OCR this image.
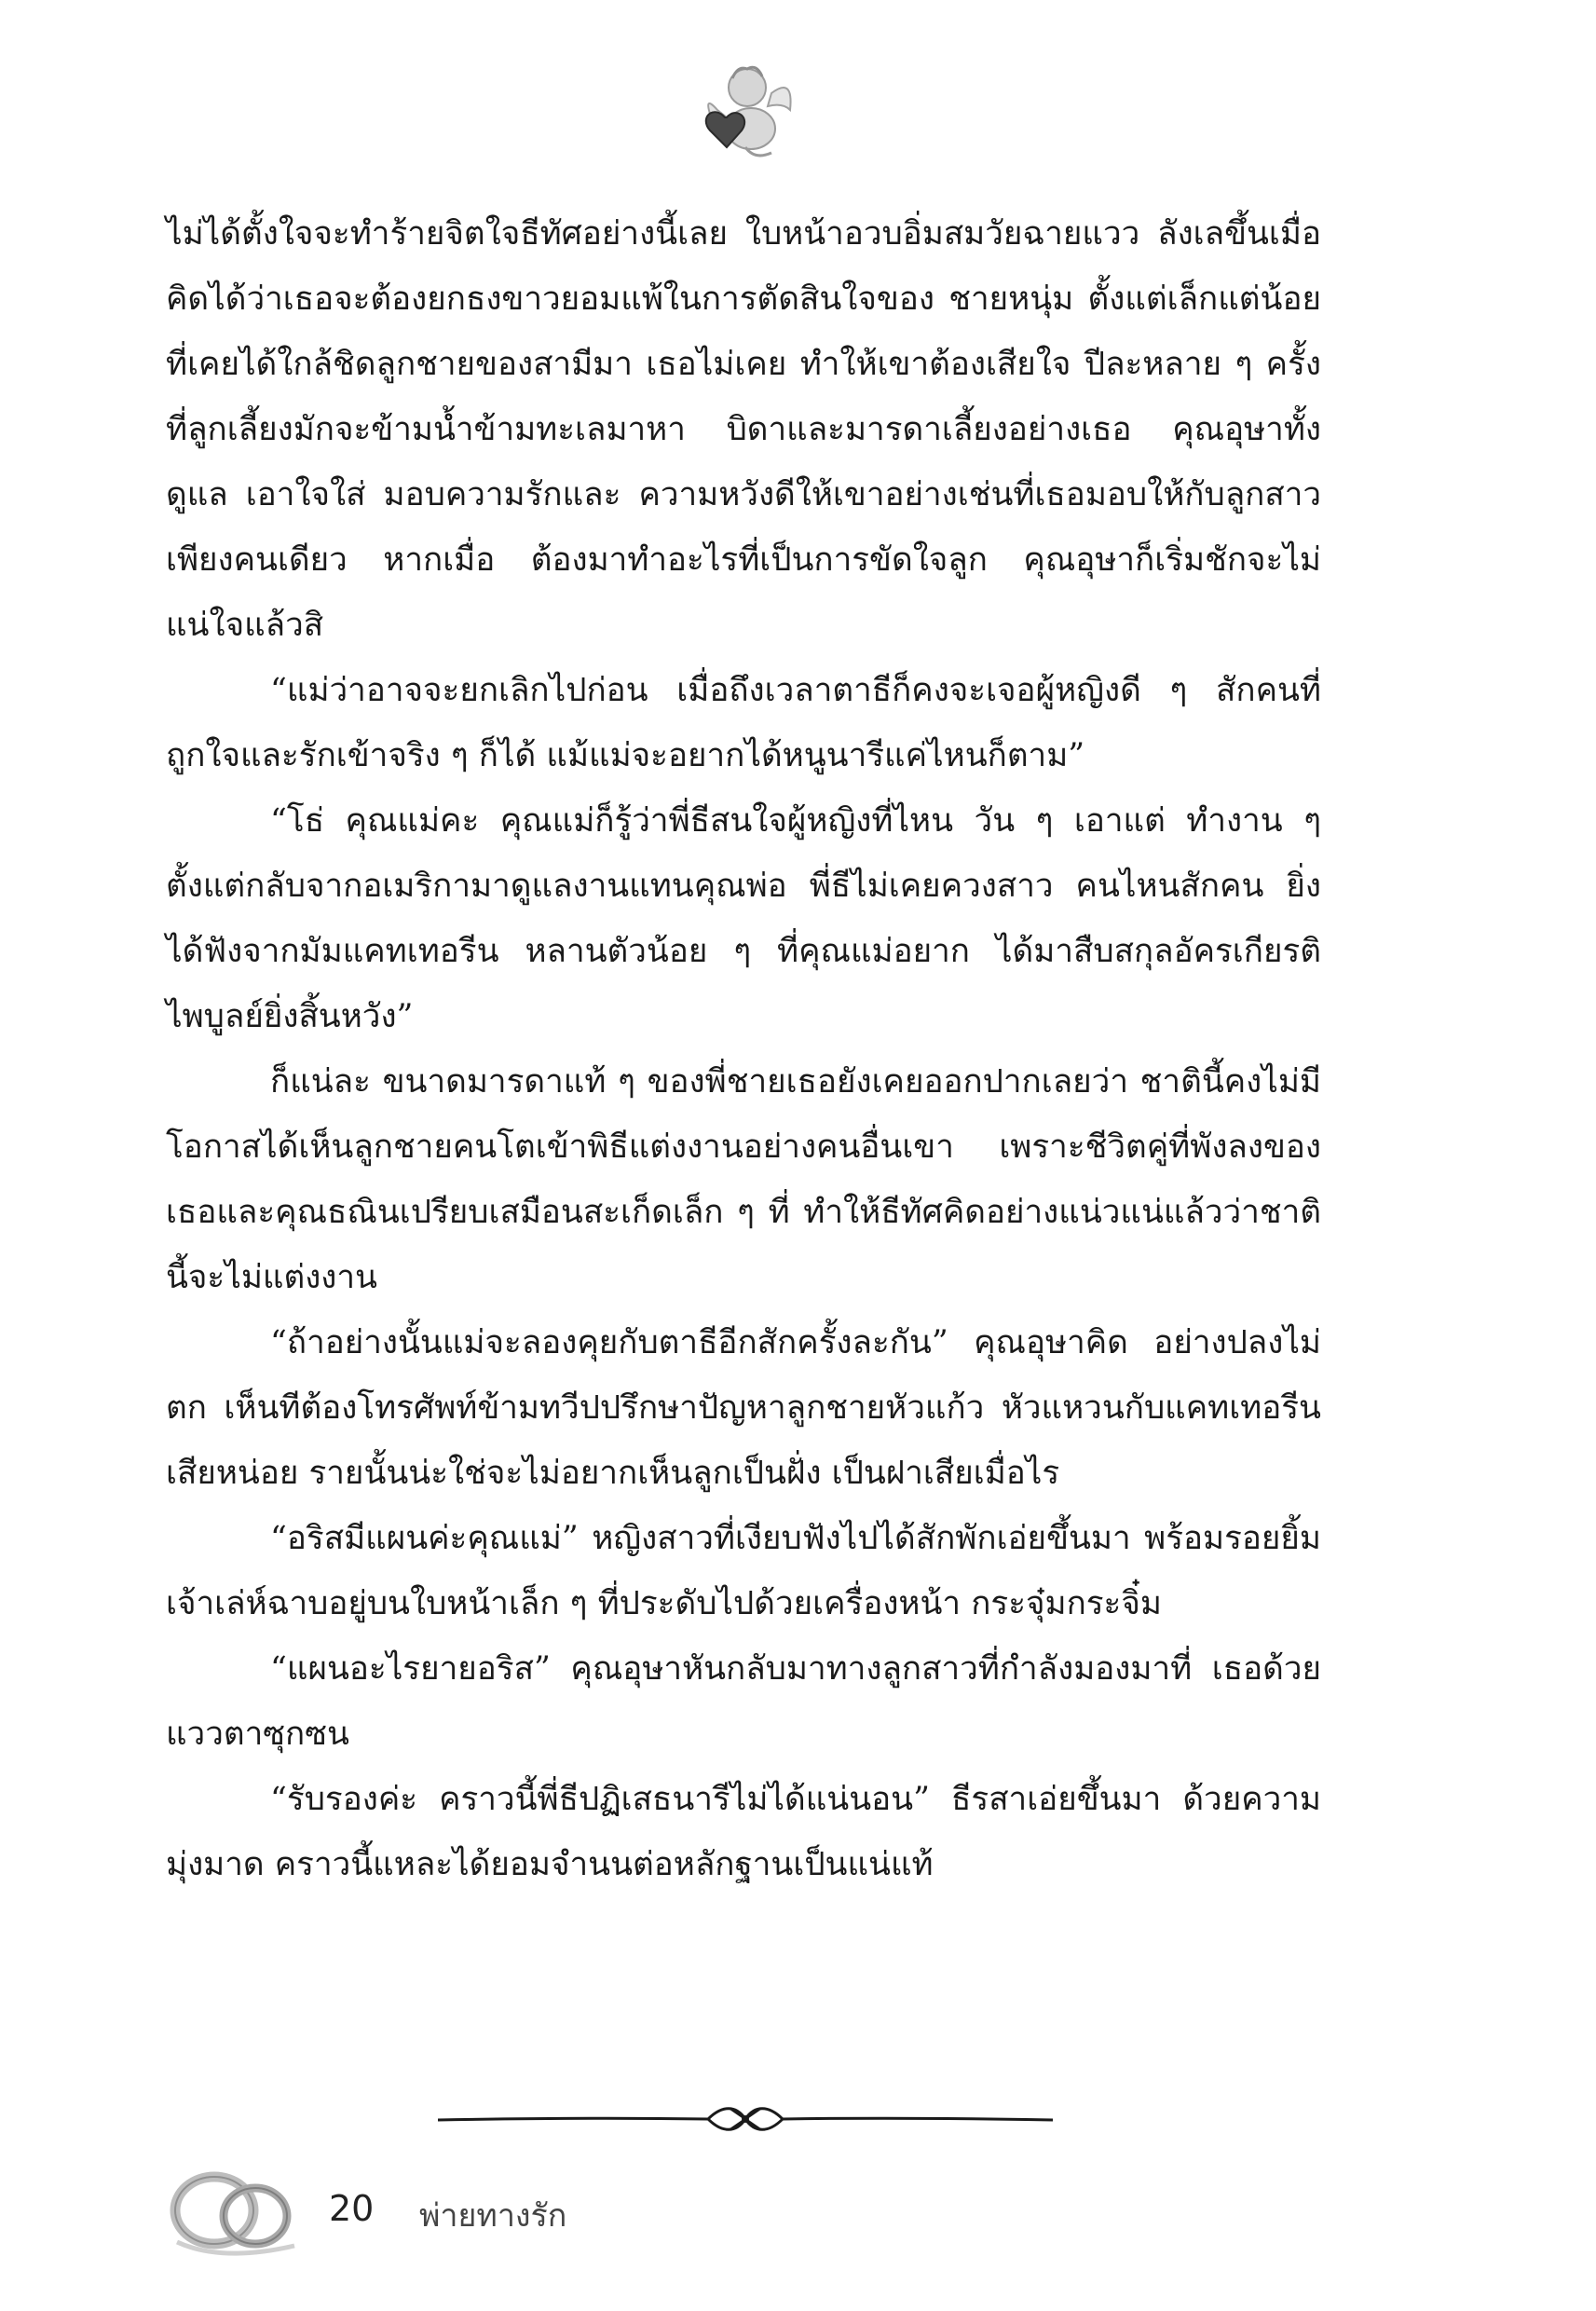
ไม่ได้ตั้งใจจะทำร้ายจิตใจธีทัศอย่างนี้เลย ใบหน้าอวบอิ่มสมวัยฉายแวว ลังเลขึ้นเมื่อคิดได้ว่าเธอจะต้องยกธงขาวยอมแพ้ในการตัดสินใจของ ชายหนุ่ม ตั้งแต่เล็กแต่น้อยที่เคยได้ใกล้ชิดลูกชายของสามีมา เธอไม่เคย ทำให้เขาต้องเสียใจ ปีละหลาย ๆ ครั้งที่ลูกเลี้ยงมักจะข้ามน้ำข้ามทะเลมาหา บิดาและมารดาเลี้ยงอย่างเธอ คุณอุษาทั้งดูแล เอาใจใส่ มอบความรักและ ความหวังดีให้เขาอย่างเช่นที่เธอมอบให้กับลูกสาวเพียงคนเดียว หากเมื่อ ต้องมาทำอะไรที่เป็นการขัดใจลูก คุณอุษาก็เริ่มชักจะไม่แน่ใจแล้วสิ

“แม่ว่าอาจจะยกเลิกไปก่อน เมื่อถึงเวลาตาธีก็คงจะเจอผู้หญิงดี ๆ สักคนที่ถูกใจและรักเข้าจริง ๆ ก็ได้ แม้แม่จะอยากได้หนูนารีแค่ไหนก็ตาม”

“โธ่ คุณแม่คะ คุณแม่ก็รู้ว่าพี่ธีสนใจผู้หญิงที่ไหน วัน ๆ เอาแต่ ทำงาน ๆ ตั้งแต่กลับจากอเมริกามาดูแลงานแทนคุณพ่อ พี่ธีไม่เคยควงสาว คนไหนสักคน ยิ่งได้ฟังจากมัมแคทเทอรีน หลานตัวน้อย ๆ ที่คุณแม่อยาก ได้มาสืบสกุลอัครเกียรติไพบูลย์ยิ่งสิ้นหวัง”

ก็แน่ละ ขนาดมารดาแท้ ๆ ของพี่ชายเธอยังเคยออกปากเลยว่า ชาตินี้คงไม่มีโอกาสได้เห็นลูกชายคนโตเข้าพิธีแต่งงานอย่างคนอื่นเขา เพราะชีวิตคู่ที่พังลงของเธอและคุณธณินเปรียบเสมือนสะเก็ดเล็ก ๆ ที่ ทำให้ธีทัศคิดอย่างแน่วแน่แล้วว่าชาตินี้จะไม่แต่งงาน

“ถ้าอย่างนั้นแม่จะลองคุยกับตาธีอีกสักครั้งละกัน” คุณอุษาคิด อย่างปลงไม่ตก เห็นทีต้องโทรศัพท์ข้ามทวีปปรึกษาปัญหาลูกชายหัวแก้ว หัวแหวนกับแคทเทอรีนเสียหน่อย รายนั้นน่ะใช่จะไม่อยากเห็นลูกเป็นฝั่ง เป็นฝาเสียเมื่อไร

“อริสมีแผนค่ะคุณแม่” หญิงสาวที่เงียบฟังไปได้สักพักเอ่ยขึ้นมา พร้อมรอยยิ้มเจ้าเล่ห์ฉาบอยู่บนใบหน้าเล็ก ๆ ที่ประดับไปด้วยเครื่องหน้า กระจุ๋มกระจิ๋ม

“แผนอะไรยายอริส” คุณอุษาหันกลับมาทางลูกสาวที่กำลังมองมาที่ เธอด้วยแววตาซุกซน

“รับรองค่ะ คราวนี้พี่ธีปฏิเสธนารีไม่ได้แน่นอน” ธีรสาเอ่ยขึ้นมา ด้วยความมุ่งมาด คราวนี้แหละได้ยอมจำนนต่อหลักฐานเป็นแน่แท้

20 พ่ายทางรัก
